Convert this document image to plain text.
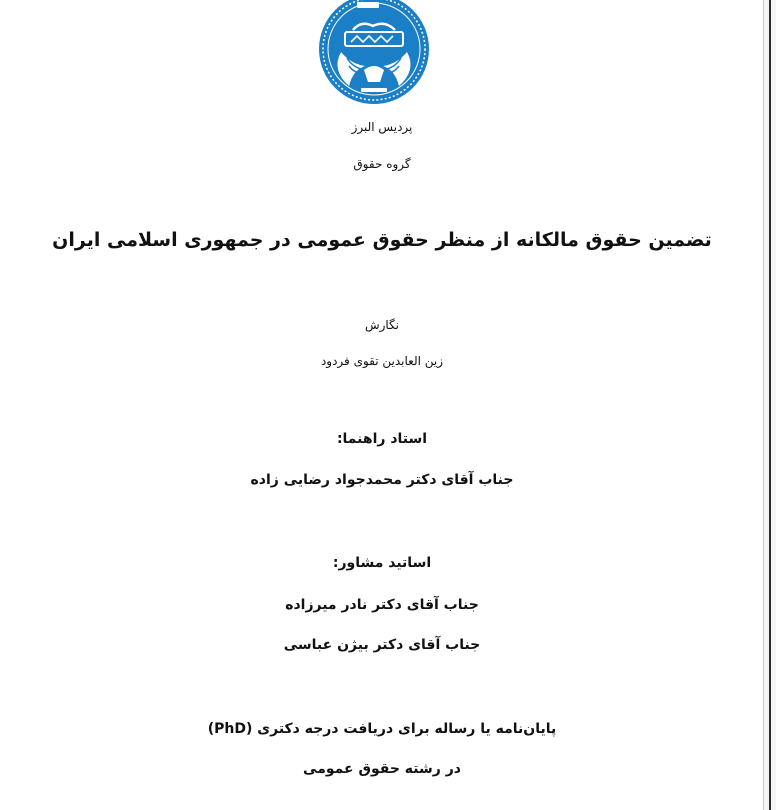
پردیس البرز
گروه حقوق
تضمین حقوق مالکانه از منظر حقوق عمومی در جمهوری اسلامی ایران
نگارش
زین العابدین تقوی فردود
استاد راهنما:
جناب آقای دکتر محمدجواد رضایی زاده
اساتید مشاور:
جناب آقای دکتر نادر میرزاده
جناب آقای دکتر بیژن عباسی
پایان‌نامه یا رساله برای دریافت درجه دکتری (PhD)
در رشته حقوق عمومی
